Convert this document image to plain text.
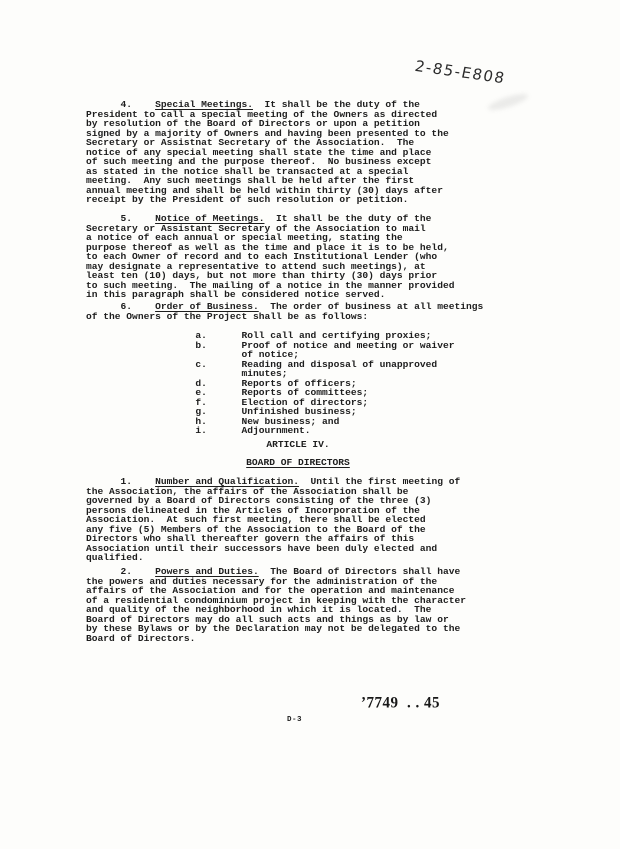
2-85-E808
4.    Special Meetings.  It shall be the duty of the
President to call a special meeting of the Owners as directed
by resolution of the Board of Directors or upon a petition
signed by a majority of Owners and having been presented to the
Secretary or Assistnat Secretary of the Association.  The
notice of any special meeting shall state the time and place
of such meeting and the purpose thereof.  No business except
as stated in the notice shall be transacted at a special
meeting.  Any such meetings shall be held after the first
annual meeting and shall be held within thirty (30) days after
receipt by the President of such resolution or petition.
5.    Notice of Meetings.  It shall be the duty of the
Secretary or Assistant Secretary of the Association to mail
a notice of each annual or special meeting, stating the
purpose thereof as well as the time and place it is to be held,
to each Owner of record and to each Institutional Lender (who
may designate a representative to attend such meetings), at
least ten (10) days, but not more than thirty (30) days prior
to such meeting.  The mailing of a notice in the manner provided
in this paragraph shall be considered notice served.
6.    Order of Business.  The order of business at all meetings
of the Owners of the Project shall be as follows:
a.      Roll call and certifying proxies;
b.      Proof of notice and meeting or waiver
of notice;
c.      Reading and disposal of unapproved
minutes;
d.      Reports of officers;
e.      Reports of committees;
f.      Election of directors;
g.      Unfinished business;
h.      New business; and
i.      Adjournment.
ARTICLE IV.
BOARD OF DIRECTORS
1.    Number and Qualification.  Until the first meeting of
the Association, the affairs of the Association shall be
governed by a Board of Directors consisting of the three (3)
persons delineated in the Articles of Incorporation of the
Association.  At such first meeting, there shall be elected
any five (5) Members of the Association to the Board of the
Directors who shall thereafter govern the affairs of this
Association until their successors have been duly elected and
qualified.
2.    Powers and Duties.  The Board of Directors shall have
the powers and duties necessary for the administration of the
affairs of the Association and for the operation and maintenance
of a residential condominium project in keeping with the character
and quality of the neighborhood in which it is located.  The
Board of Directors may do all such acts and things as by law or
by these Bylaws or by the Declaration may not be delegated to the
Board of Directors.
’7749  . . 45
D-3
